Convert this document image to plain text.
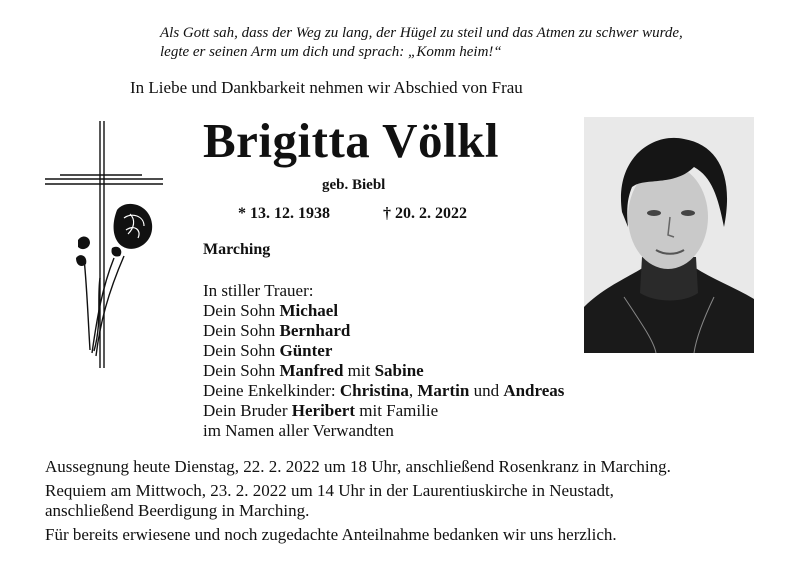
Als Gott sah, dass der Weg zu lang, der Hügel zu steil und das Atmen zu schwer wurde,
legte er seinen Arm um dich und sprach: „Komm heim!“
In Liebe und Dankbarkeit nehmen wir Abschied von Frau
Brigitta Völkl
geb. Biebl
* 13. 12. 1938	† 20. 2. 2022
Marching
In stiller Trauer:
Dein Sohn Michael
Dein Sohn Bernhard
Dein Sohn Günter
Dein Sohn Manfred mit Sabine
Deine Enkelkinder: Christina, Martin und Andreas
Dein Bruder Heribert mit Familie
im Namen aller Verwandten
Aussegnung heute Dienstag, 22. 2. 2022 um 18 Uhr, anschließend Rosenkranz in Marching.
Requiem am Mittwoch, 23. 2. 2022 um 14 Uhr in der Laurentiuskirche in Neustadt,
anschließend Beerdigung in Marching.
Für bereits erwiesene und noch zugedachte Anteilnahme bedanken wir uns herzlich.
